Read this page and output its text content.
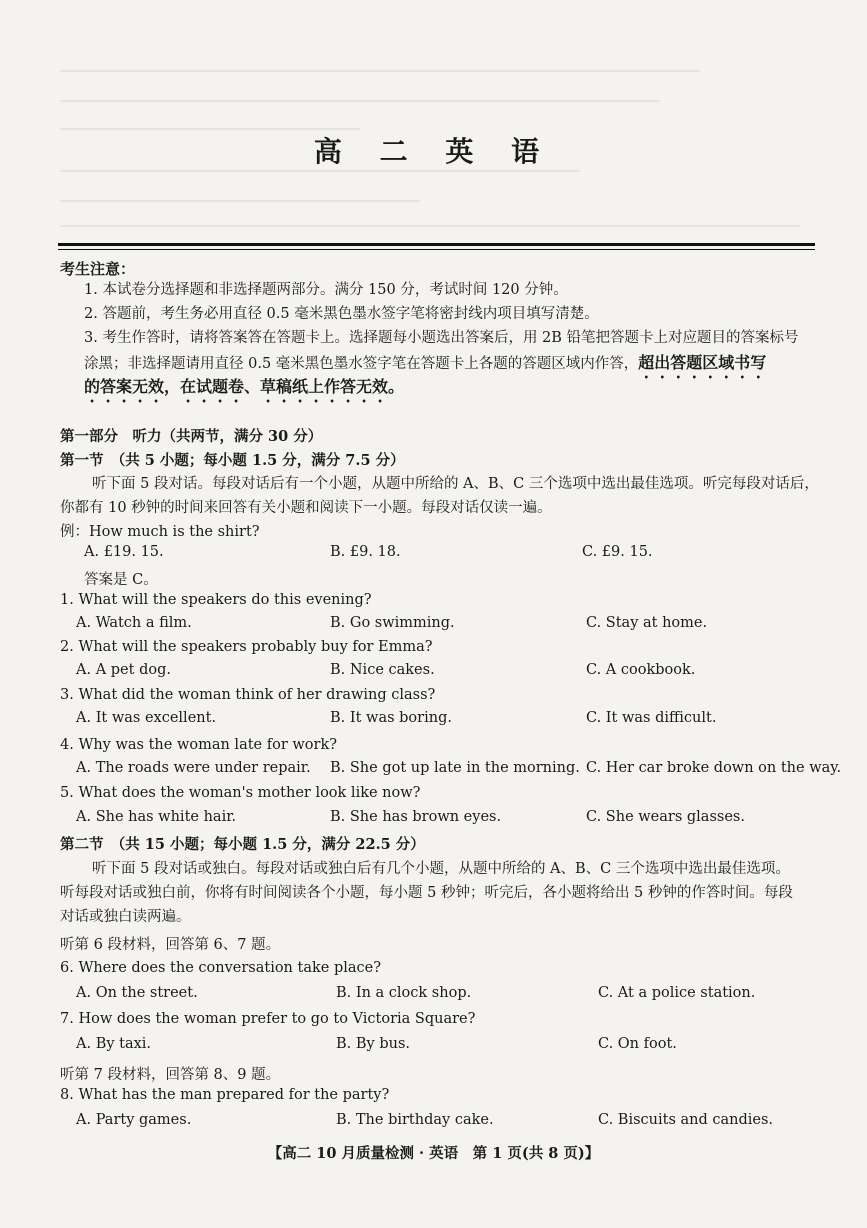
高 二 英 语
考生注意：
1. 本试卷分选择题和非选择题两部分。满分 150 分，考试时间 120 分钟。
2. 答题前，考生务必用直径 0.5 毫米黑色墨水签字笔将密封线内项目填写清楚。
3. 考生作答时，请将答案答在答题卡上。选择题每小题选出答案后，用 2B 铅笔把答题卡上对应题目的答案标号
涂黑；非选择题请用直径 0.5 毫米黑色墨水签字笔在答题卡上各题的答题区域内作答，超出答题区域书写
的答案无效，在试题卷、草稿纸上作答无效。
第一部分　听力（共两节，满分 30 分）
第一节　（共 5 小题；每小题 1.5 分，满分 7.5 分）
听下面 5 段对话。每段对话后有一个小题，从题中所给的 A、B、C 三个选项中选出最佳选项。听完每段对话后，
你都有 10 秒钟的时间来回答有关小题和阅读下一小题。每段对话仅读一遍。
例：How much is the shirt?
A. £19. 15.	B. £9. 18.	C. £9. 15.
答案是 C。
1. What will the speakers do this evening?
A. Watch a film.	B. Go swimming.	C. Stay at home.
2. What will the speakers probably buy for Emma?
A. A pet dog.	B. Nice cakes.	C. A cookbook.
3. What did the woman think of her drawing class?
A. It was excellent.	B. It was boring.	C. It was difficult.
4. Why was the woman late for work?
A. The roads were under repair. B. She got up late in the morning. C. Her car broke down on the way.
5. What does the woman's mother look like now?
A. She has white hair.	B. She has brown eyes.	C. She wears glasses.
第二节　（共 15 小题；每小题 1.5 分，满分 22.5 分）
听下面 5 段对话或独白。每段对话或独白后有几个小题，从题中所给的 A、B、C 三个选项中选出最佳选项。
听每段对话或独白前，你将有时间阅读各个小题，每小题 5 秒钟；听完后，各小题将给出 5 秒钟的作答时间。每段
对话或独白读两遍。
听第 6 段材料，回答第 6、7 题。
6. Where does the conversation take place?
A. On the street.	B. In a clock shop.	C. At a police station.
7. How does the woman prefer to go to Victoria Square?
A. By taxi.	B. By bus.	C. On foot.
听第 7 段材料，回答第 8、9 题。
8. What has the man prepared for the party?
A. Party games.	B. The birthday cake.	C. Biscuits and candies.
【高二 10 月质量检测 · 英语　第 1 页(共 8 页)】
